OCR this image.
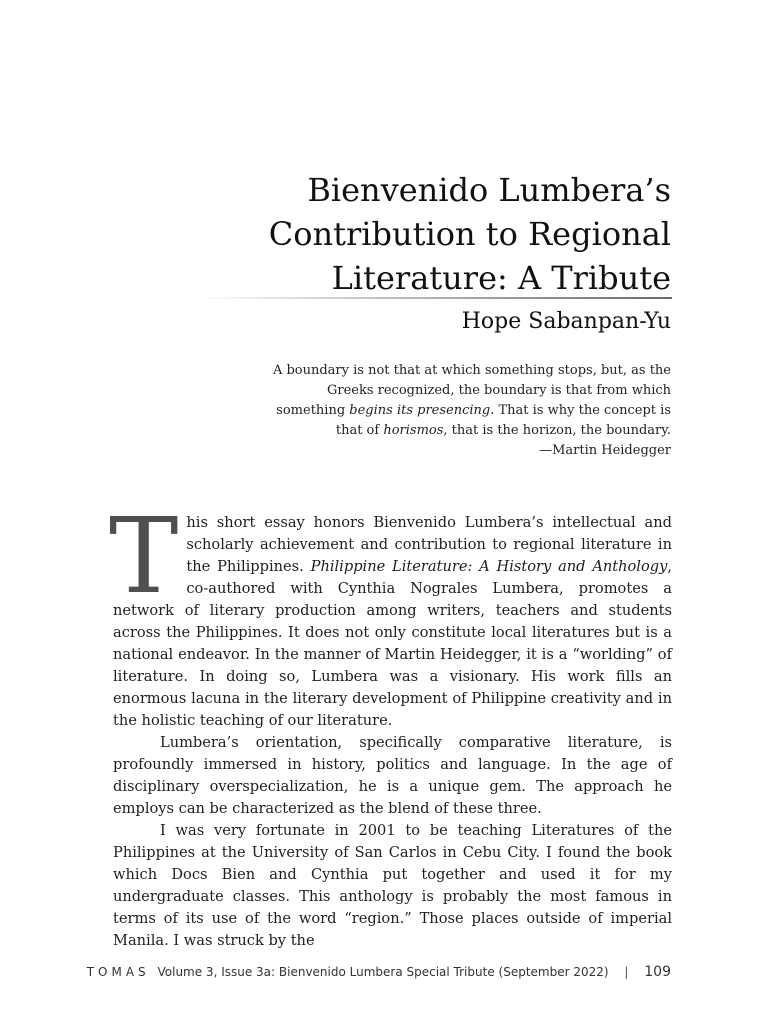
Bienvenido Lumbera’s
Contribution to Regional
Literature: A Tribute
Hope Sabanpan-Yu

A boundary is not that at which something stops, but, as the

Greeks recognized, the boundary is that from which

something begins its presencing. That is why the concept is

that of horismos, that is the horizon, the boundary.

—Martin Heidegger

This short essay honors Bienvenido Lumbera’s intellectual and scholarly achievement and contribution to regional literature in the Philippines. Philippine Literature: A History and Anthology, co-authored with Cynthia Nograles Lumbera, promotes a network of literary production among writers, teachers and students across the Philippines. It does not only constitute local literatures but is a national endeavor. In the manner of Martin Heidegger, it is a “worlding” of literature. In doing so, Lumbera was a visionary. His work fills an enormous lacuna in the literary development of Philippine creativity and in the holistic teaching of our literature.

Lumbera’s orientation, specifically comparative literature, is profoundly immersed in history, politics and language. In the age of disciplinary overspecialization, he is a unique gem. The approach he employs can be characterized as the blend of these three.

I was very fortunate in 2001 to be teaching Literatures of the Philippines at the University of San Carlos in Cebu City. I found the book which Docs Bien and Cynthia put together and used it for my undergraduate classes. This anthology is probably the most famous in terms of its use of the word “region.” Those places outside of imperial Manila. I was struck by the

TOMAS Volume 3, Issue 3a: Bienvenido Lumbera Special Tribute (September 2022) | 109
